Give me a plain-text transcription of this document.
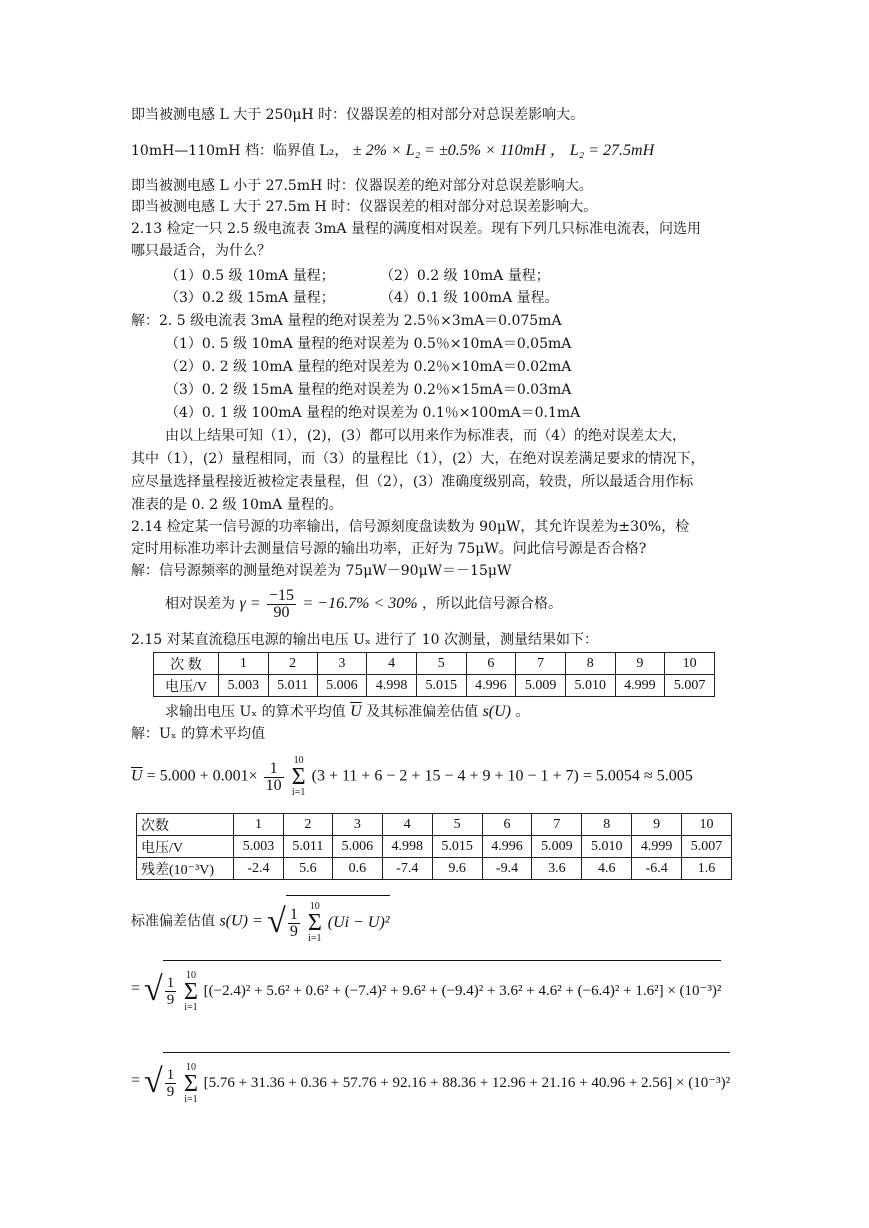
即当被测电感 L 大于 250μH 时：仪器误差的相对部分对总误差影响大。
10mH—110mH 档：临界值 L₂， ± 2% × L₂ = ±0.5% × 110mH ， L₂ = 27.5mH
即当被测电感 L 小于 27.5mH 时：仪器误差的绝对部分对总误差影响大。
即当被测电感 L 大于 27.5m H 时：仪器误差的相对部分对总误差影响大。
2.13 检定一只 2.5 级电流表 3mA 量程的满度相对误差。现有下列几只标准电流表，问选用
哪只最适合，为什么？
（1）0.5 级 10mA 量程；	（2）0.2 级 10mA 量程；
（3）0.2 级 15mA 量程；	（4）0.1 级 100mA 量程。
解：2. 5 级电流表 3mA 量程的绝对误差为 2.5％×3mA＝0.075mA
（1）0. 5 级 10mA 量程的绝对误差为 0.5％×10mA＝0.05mA
（2）0. 2 级 10mA 量程的绝对误差为 0.2％×10mA＝0.02mA
（3）0. 2 级 15mA 量程的绝对误差为 0.2％×15mA＝0.03mA
（4）0. 1 级 100mA 量程的绝对误差为 0.1％×100mA＝0.1mA
由以上结果可知（1），(2)，(3）都可以用来作为标准表，而（4）的绝对误差太大，
其中（1），(2）量程相同，而（3）的量程比（1），(2）大，在绝对误差满足要求的情况下，
应尽量选择量程接近被检定表量程，但（2），(3）准确度级别高，较贵，所以最适合用作标
准表的是 0. 2 级 10mA 量程的。
2.14 检定某一信号源的功率输出，信号源刻度盘读数为 90μW，其允许误差为±30%，检
定时用标准功率计去测量信号源的输出功率，正好为 75μW。问此信号源是否合格?
解：信号源频率的测量绝对误差为 75μW－90μW＝－15μW
相对误差为 $\gamma = \frac{-15}{90} = -16.7\% < 30\%$ ，所以此信号源合格。
2.15 对某直流稳压电源的输出电压 Uₓ 进行了 10 次测量，测量结果如下：
次 数	1	2	3	4	5	6	7	8	9	10
电压/V	5.003	5.011	5.006	4.998	5.015	4.996	5.009	5.010	4.999	5.007
求输出电压 Uₓ 的算术平均值 $\overline{U}$ 及其标准偏差估值 s(U) 。
解：Uₓ 的算术平均值
$\overline{U} = 5.000 + 0.001\times \frac{1}{10}$
10
Σ
i=1
(3 + 11 + 6 − 2 + 15 − 4 + 9 + 10 − 1 + 7) = 5.0054 ≈ 5.005
次数	1	2	3	4	5	6	7	8	9	10
电压/V	5.003	5.011	5.006	4.998	5.015	4.996	5.009	5.010	4.999	5.007
残差(10⁻³V)	-2.4	5.6	0.6	-7.4	9.6	-9.4	3.6	4.6	-6.4	1.6
标准偏差估值 s(U) = √ $\frac{1}{9}$
10
Σ
i=1
(Ui − U)²
= √ $\frac{1}{9}$
10
Σ
i=1
[(−2.4)² + 5.6² + 0.6² + (−7.4)² + 9.6² + (−9.4)² + 3.6² + 4.6² + (−6.4)² + 1.6²] × (10⁻³)²
= √ $\frac{1}{9}$
10
Σ
i=1
[5.76 + 31.36 + 0.36 + 57.76 + 92.16 + 88.36 + 12.96 + 21.16 + 40.96 + 2.56] × (10⁻³)²
